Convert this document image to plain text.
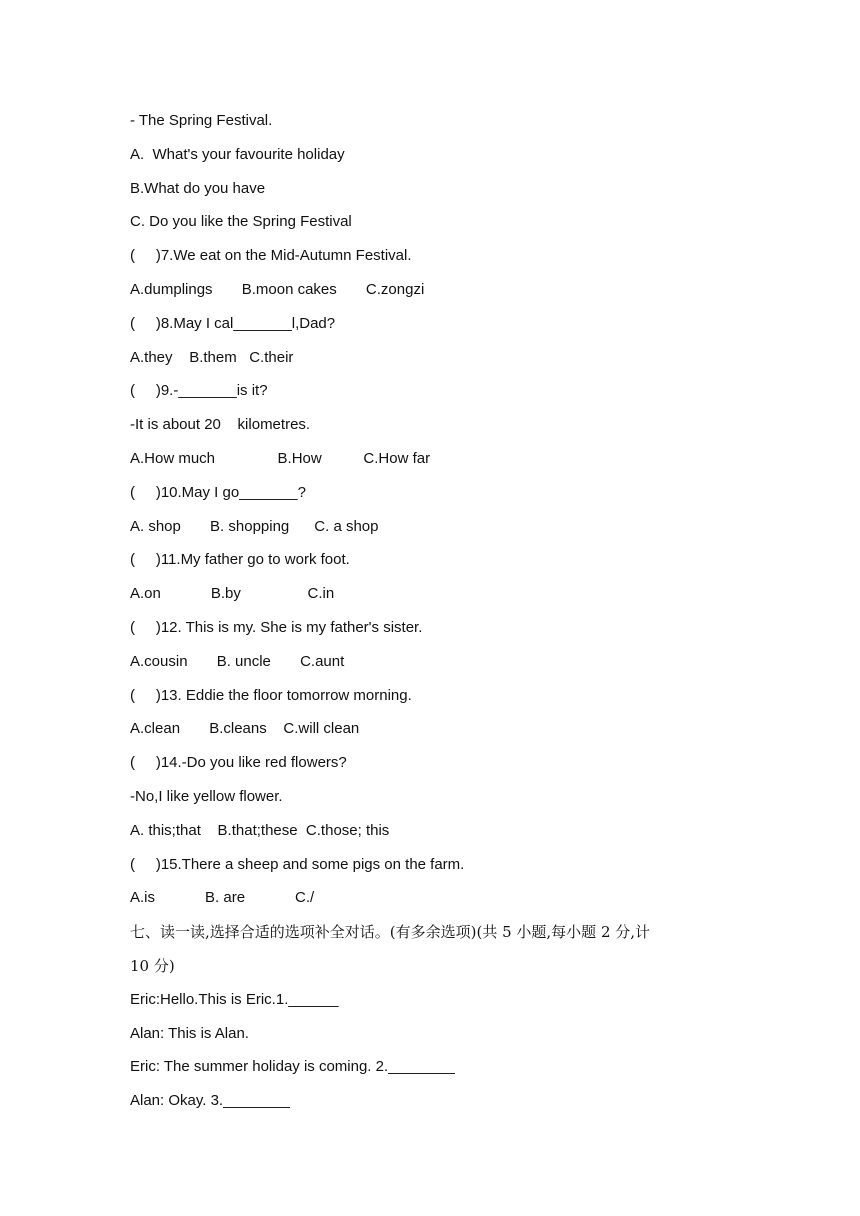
- The Spring Festival.
A.  What's your favourite holiday
B.What do you have
C. Do you like the Spring Festival
(     )7.We eat on the Mid-Autumn Festival.
A.dumplings       B.moon cakes       C.zongzi
(     )8.May I cal_______l,Dad?
A.they    B.them   C.their
(     )9.-_______is it?
-It is about 20    kilometres.
A.How much               B.How          C.How far
(     )10.May I go_______?
A. shop       B. shopping      C. a shop
(     )11.My father go to work foot.
A.on            B.by                C.in
(     )12. This is my. She is my father's sister.
A.cousin       B. uncle       C.aunt
(     )13. Eddie the floor tomorrow morning.
A.clean       B.cleans    C.will clean
(     )14.-Do you like red flowers?
-No,I like yellow flower.
A. this;that    B.that;these  C.those; this
(     )15.There a sheep and some pigs on the farm.
A.is            B. are            C./
七、读一读,选择合适的选项补全对话。(有多余选项)(共 5 小题,每小题 2 分,计
10 分)
Eric:Hello.This is Eric.1.______
Alan: This is Alan.
Eric: The summer holiday is coming. 2.________
Alan: Okay. 3.________
